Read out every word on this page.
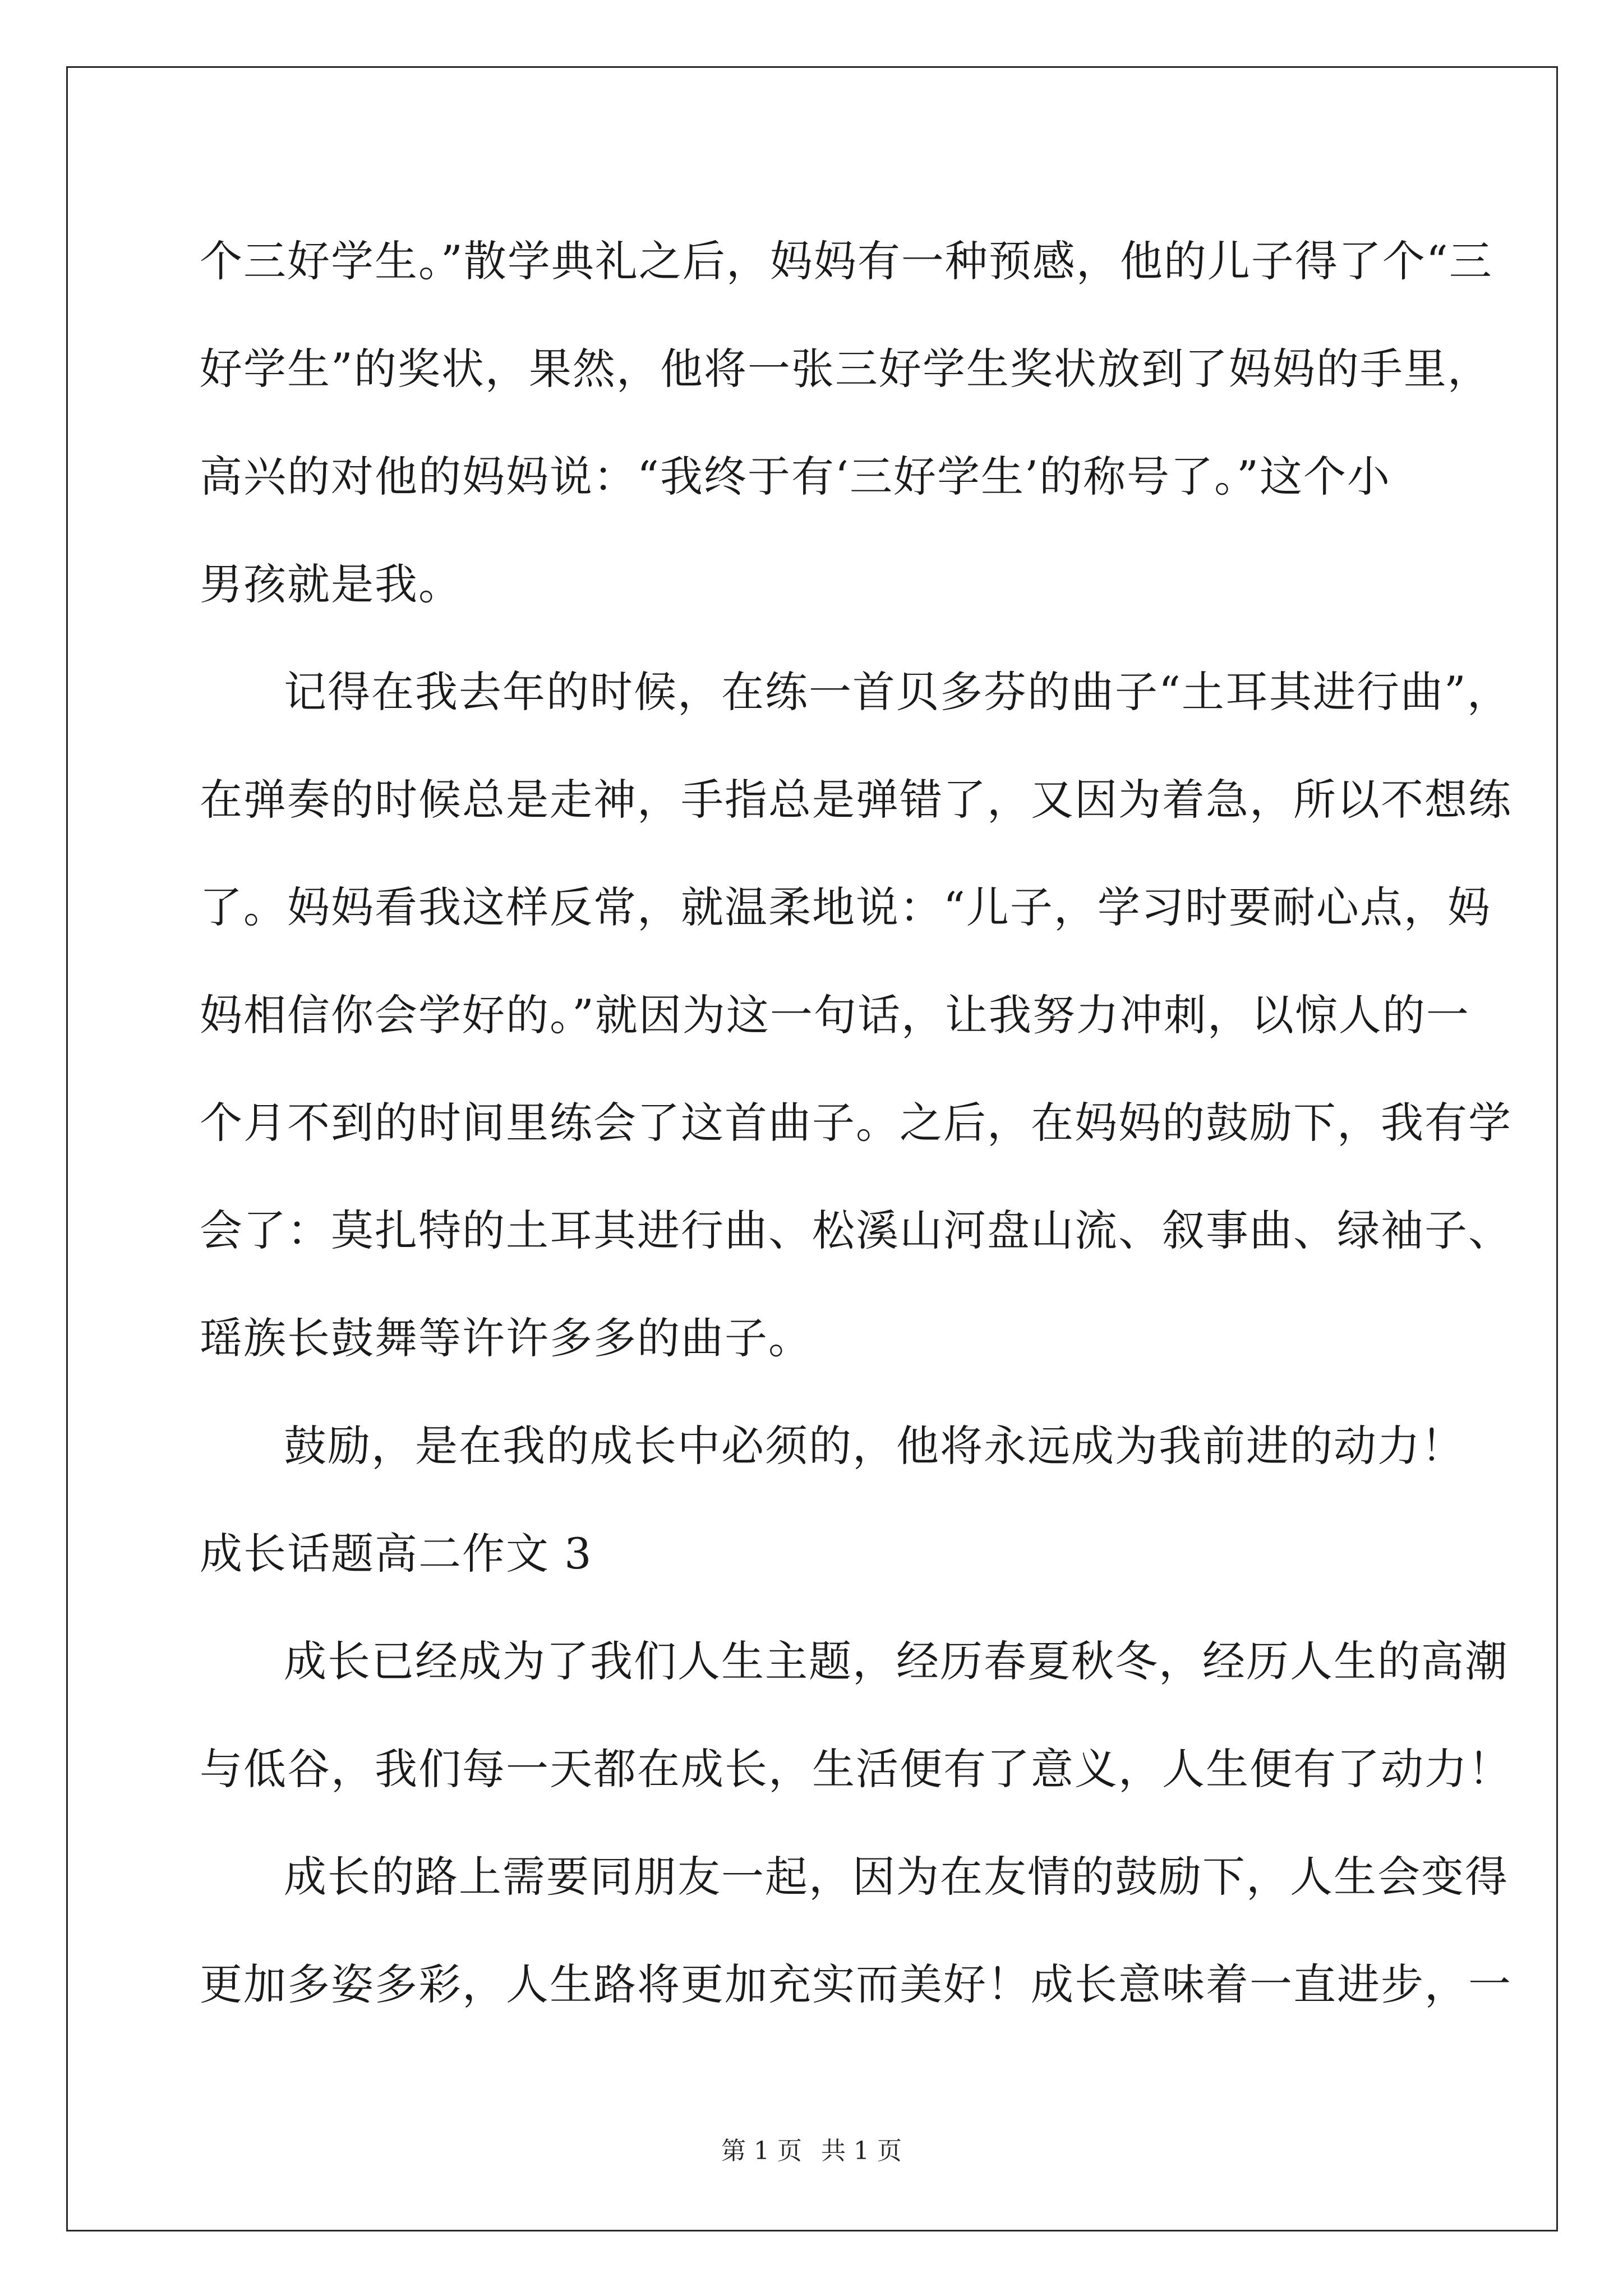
个三好学生。”散学典礼之后，妈妈有一种预感，他的儿子得了个“三
好学生”的奖状，果然，他将一张三好学生奖状放到了妈妈的手里，
高兴的对他的妈妈说：“我终于有‘三好学生’的称号了。”这个小
男孩就是我。
记得在我去年的时候，在练一首贝多芬的曲子“土耳其进行曲”，
在弹奏的时候总是走神，手指总是弹错了，又因为着急，所以不想练
了。妈妈看我这样反常，就温柔地说：“儿子，学习时要耐心点，妈
妈相信你会学好的。”就因为这一句话，让我努力冲刺，以惊人的一
个月不到的时间里练会了这首曲子。之后，在妈妈的鼓励下，我有学
会了：莫扎特的土耳其进行曲、松溪山河盘山流、叙事曲、绿袖子、
瑶族长鼓舞等许许多多的曲子。
鼓励，是在我的成长中必须的，他将永远成为我前进的动力！
成长话题高二作文 3
成长已经成为了我们人生主题，经历春夏秋冬，经历人生的高潮
与低谷，我们每一天都在成长，生活便有了意义，人生便有了动力！
成长的路上需要同朋友一起，因为在友情的鼓励下，人生会变得
更加多姿多彩，人生路将更加充实而美好！成长意味着一直进步，一
第 1 页 共 1 页
